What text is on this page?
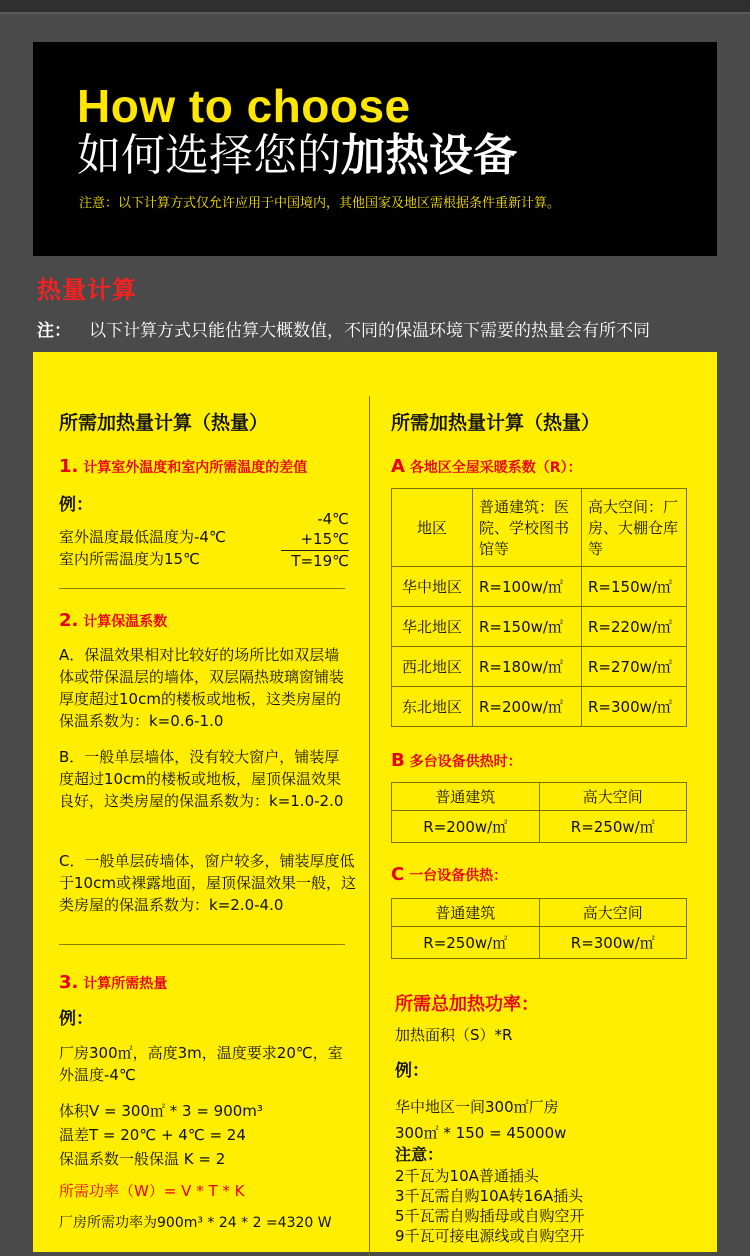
How to choose
如何选择您的加热设备
注意：以下计算方式仅允许应用于中国境内，其他国家及地区需根据条件重新计算。
热量计算
注： 以下计算方式只能估算大概数值，不同的保温环境下需要的热量会有所不同
所需加热量计算（热量）
1. 计算室外温度和室内所需温度的差值
例：
室外温度最低温度为-4℃
室内所需温度为15℃
-4℃
+15℃
T=19℃
2. 计算保温系数
A．保温效果相对比较好的场所比如双层墙体或带保温层的墙体，双层隔热玻璃窗铺装厚度超过10cm的楼板或地板，这类房屋的保温系数为：k=0.6-1.0
B．一般单层墙体，没有较大窗户，铺装厚度超过10cm的楼板或地板，屋顶保温效果良好，这类房屋的保温系数为：k=1.0-2.0
C．一般单层砖墙体，窗户较多，铺装厚度低于10cm或裸露地面，屋顶保温效果一般，这类房屋的保温系数为：k=2.0-4.0
3. 计算所需热量
例：
厂房300㎡，高度3m，温度要求20℃，室外温度-4℃
体积V = 300㎡ * 3 = 900m³
温差T = 20℃ + 4℃ = 24
保温系数一般保温 K = 2
所需功率（W）= V * T * K
厂房所需功率为900m³ * 24 * 2 =4320 W
所需加热量计算（热量）
A 各地区全屋采暖系数（R）：
地区	普通建筑：医院、学校图书馆等	高大空间：厂房、大棚仓库等
华中地区	R=100w/㎡	R=150w/㎡
华北地区	R=150w/㎡	R=220w/㎡
西北地区	R=180w/㎡	R=270w/㎡
东北地区	R=200w/㎡	R=300w/㎡
B 多台设备供热时：
普通建筑	高大空间
R=200w/㎡	R=250w/㎡
C 一台设备供热：
普通建筑	高大空间
R=250w/㎡	R=300w/㎡
所需总加热功率：
加热面积（S）*R
例：
华中地区一间300㎡厂房
300㎡ * 150 = 45000w
注意：
2千瓦为10A普通插头
3千瓦需自购10A转16A插头
5千瓦需自购插母或自购空开
9千瓦可接电源线或自购空开
